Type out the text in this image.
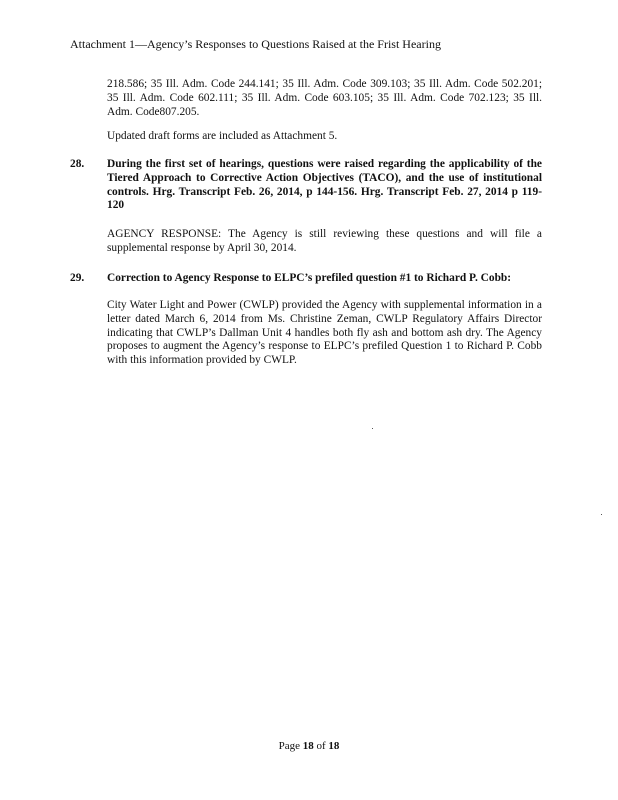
Attachment 1—Agency’s Responses to Questions Raised at the Frist Hearing
218.586; 35 Ill. Adm. Code 244.141; 35 Ill. Adm. Code 309.103; 35 Ill. Adm. Code 502.201; 35 Ill. Adm. Code 602.111; 35 Ill. Adm. Code 603.105; 35 Ill. Adm. Code 702.123; 35 Ill. Adm. Code807.205.
Updated draft forms are included as Attachment 5.
28. During the first set of hearings, questions were raised regarding the applicability of the Tiered Approach to Corrective Action Objectives (TACO), and the use of institutional controls. Hrg. Transcript Feb. 26, 2014, p 144-156. Hrg. Transcript Feb. 27, 2014 p 119-120
AGENCY RESPONSE: The Agency is still reviewing these questions and will file a supplemental response by April 30, 2014.
29. Correction to Agency Response to ELPC’s prefiled question #1 to Richard P. Cobb:
City Water Light and Power (CWLP) provided the Agency with supplemental information in a letter dated March 6, 2014 from Ms. Christine Zeman, CWLP Regulatory Affairs Director indicating that CWLP’s Dallman Unit 4 handles both fly ash and bottom ash dry. The Agency proposes to augment the Agency’s response to ELPC’s prefiled Question 1 to Richard P. Cobb with this information provided by CWLP.
Page 18 of 18
